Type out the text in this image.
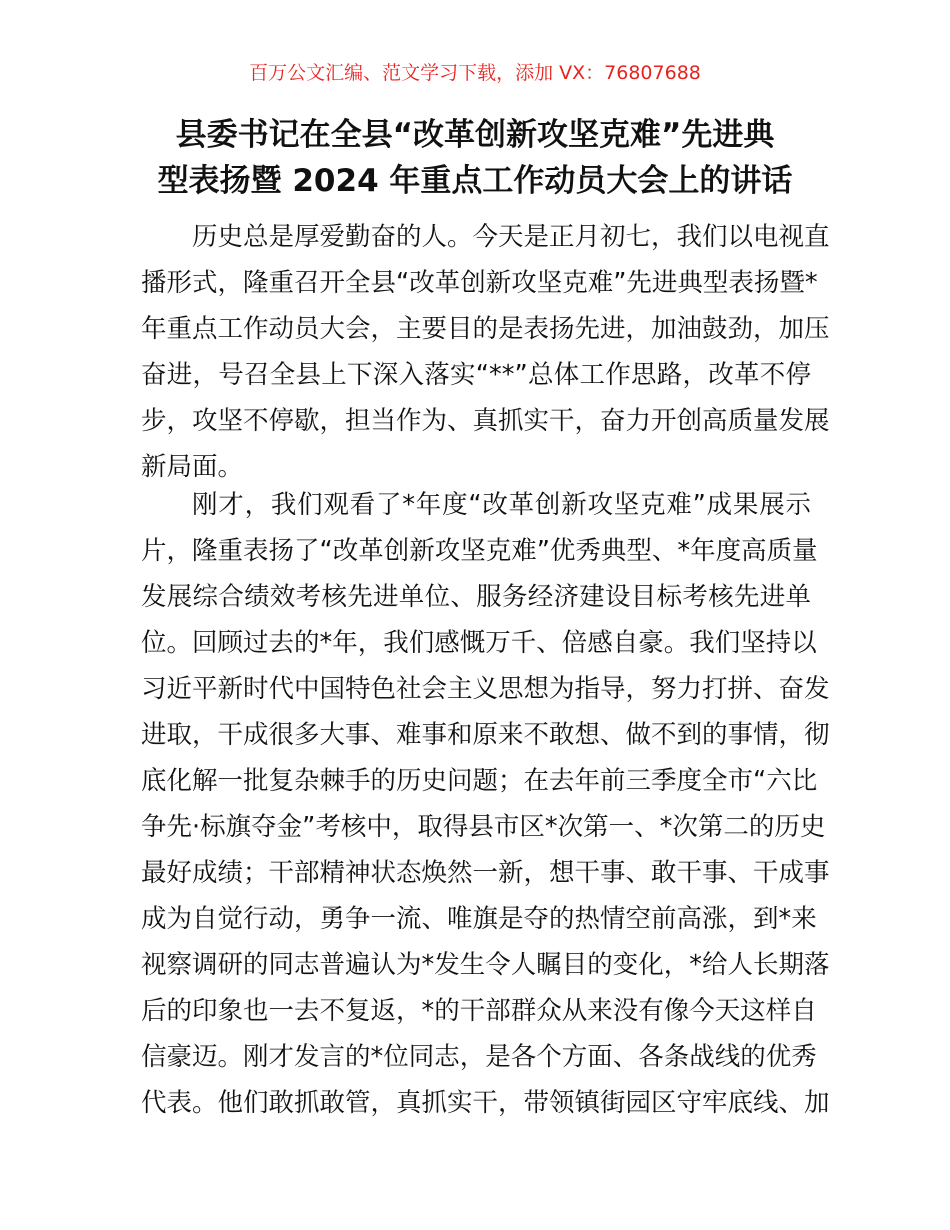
百万公文汇编、范文学习下载，添加 VX：76807688
县委书记在全县“改革创新攻坚克难”先进典
型表扬暨 2024 年重点工作动员大会上的讲话
历史总是厚爱勤奋的人。今天是正月初七，我们以电视直
播形式，隆重召开全县“改革创新攻坚克难”先进典型表扬暨*
年重点工作动员大会，主要目的是表扬先进，加油鼓劲，加压
奋进，号召全县上下深入落实“**”总体工作思路，改革不停
步，攻坚不停歇，担当作为、真抓实干，奋力开创高质量发展
新局面。
刚才，我们观看了*年度“改革创新攻坚克难”成果展示
片，隆重表扬了“改革创新攻坚克难”优秀典型、*年度高质量
发展综合绩效考核先进单位、服务经济建设目标考核先进单
位。回顾过去的*年，我们感慨万千、倍感自豪。我们坚持以
习近平新时代中国特色社会主义思想为指导，努力打拼、奋发
进取，干成很多大事、难事和原来不敢想、做不到的事情，彻
底化解一批复杂棘手的历史问题；在去年前三季度全市“六比
争先·标旗夺金”考核中，取得县市区*次第一、*次第二的历史
最好成绩；干部精神状态焕然一新，想干事、敢干事、干成事
成为自觉行动，勇争一流、唯旗是夺的热情空前高涨，到*来
视察调研的同志普遍认为*发生令人瞩目的变化，*给人长期落
后的印象也一去不复返，*的干部群众从来没有像今天这样自
信豪迈。刚才发言的*位同志，是各个方面、各条战线的优秀
代表。他们敢抓敢管，真抓实干，带领镇街园区守牢底线、加
